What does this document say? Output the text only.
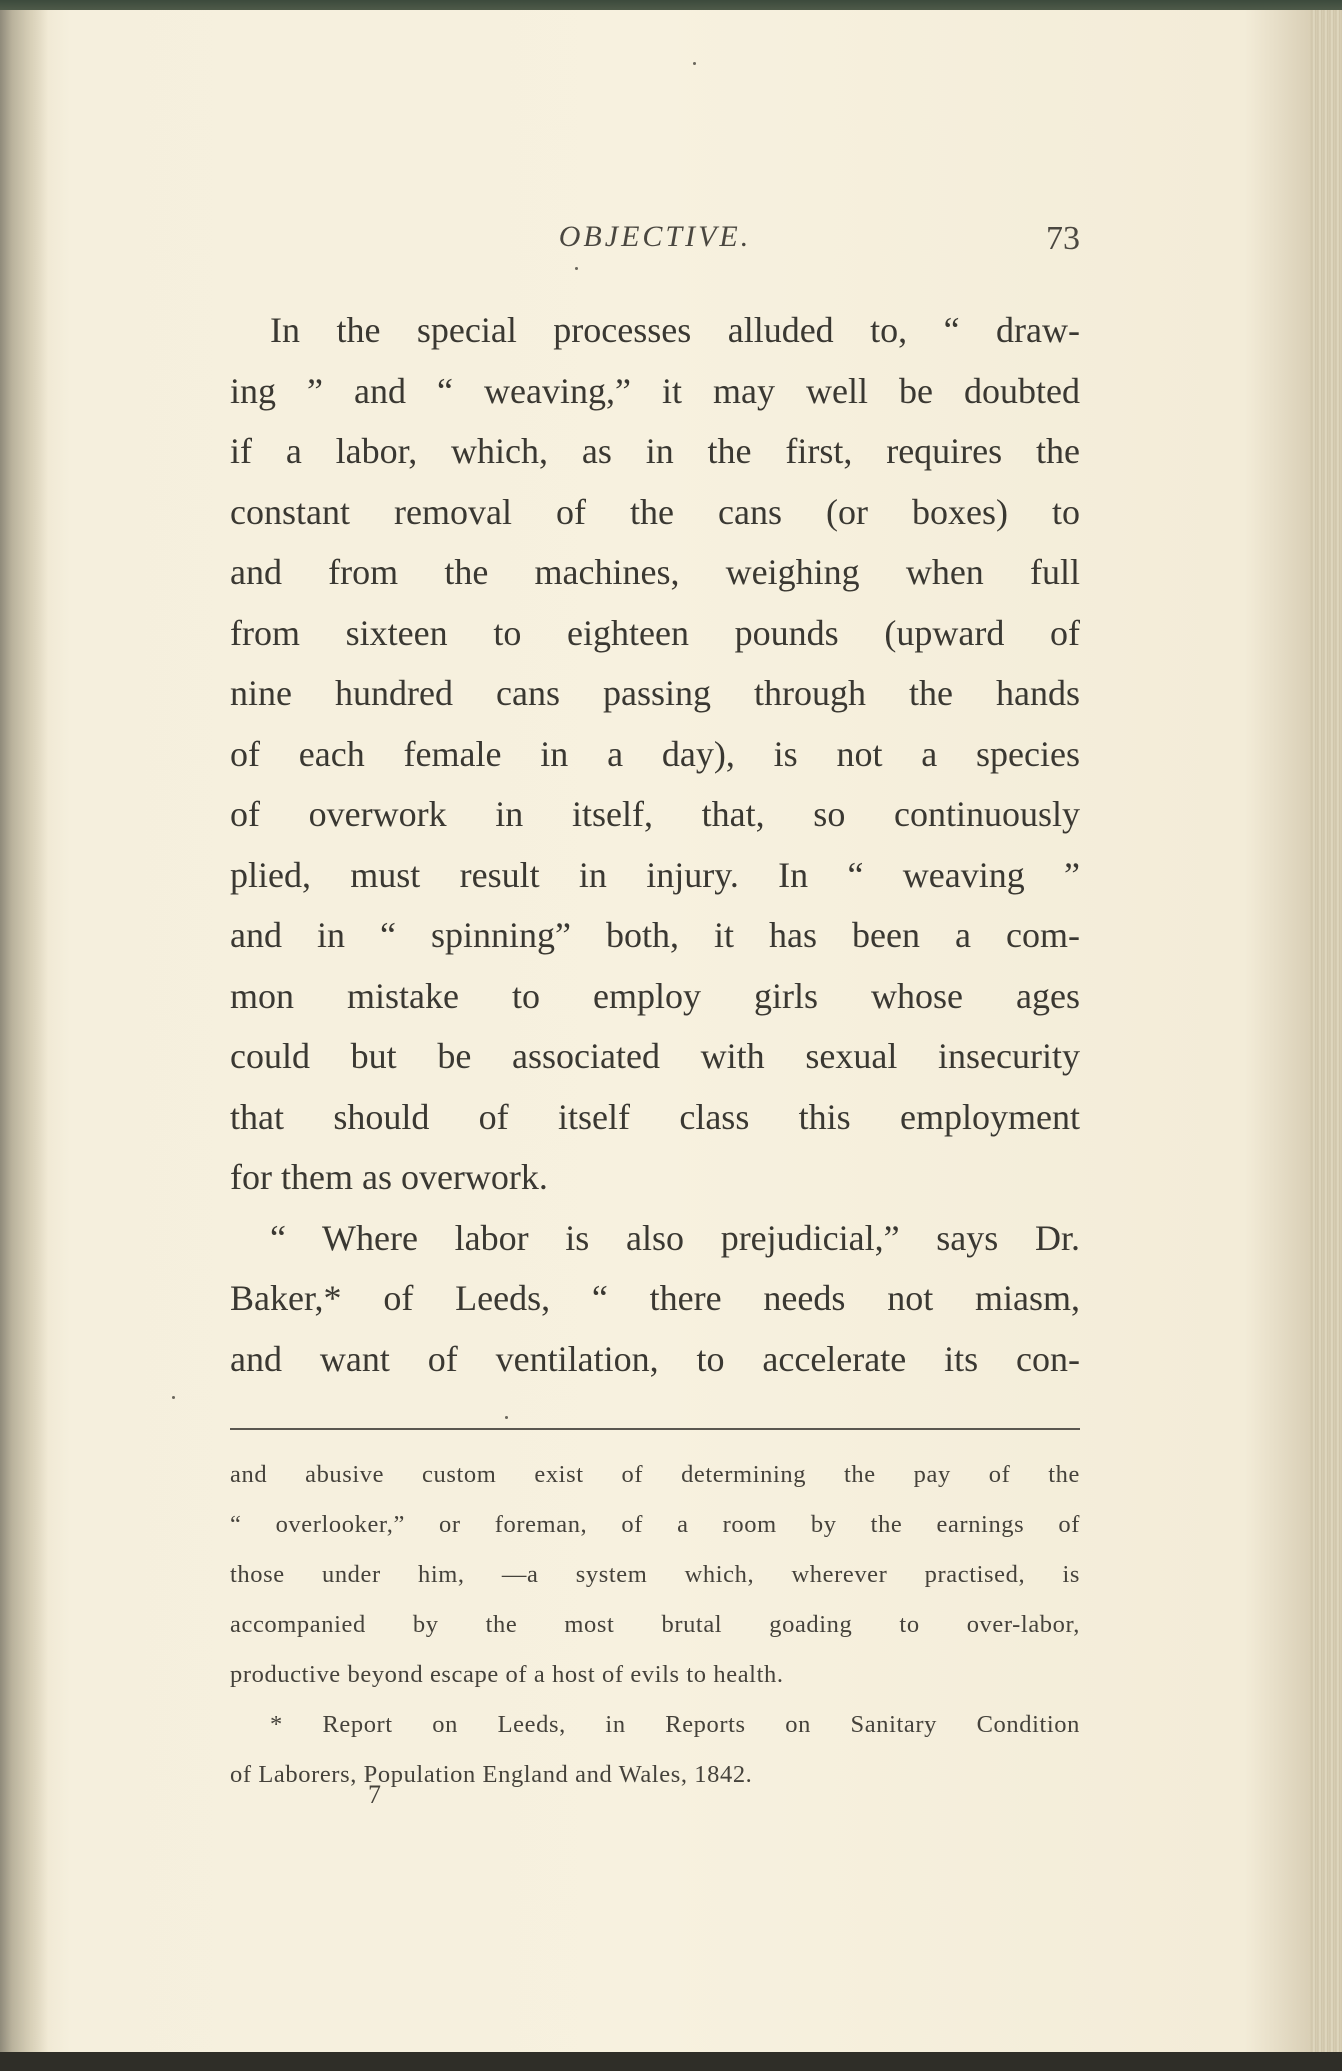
OBJECTIVE.	73
In the special processes alluded to, “ draw-
ing ” and “ weaving,” it may well be doubted
if a labor, which, as in the first, requires the
constant removal of the cans (or boxes) to
and from the machines, weighing when full
from sixteen to eighteen pounds (upward of
nine hundred cans passing through the hands
of each female in a day), is not a species
of overwork in itself, that, so continuously
plied, must result in injury. In “ weaving ”
and in “ spinning” both, it has been a com-
mon mistake to employ girls whose ages
could but be associated with sexual insecurity
that should of itself class this employment
for them as overwork.
“ Where labor is also prejudicial,” says Dr.
Baker,* of Leeds, “ there needs not miasm,
and want of ventilation, to accelerate its con-
and abusive custom exist of determining the pay of the
“ overlooker,” or foreman, of a room by the earnings of
those under him, —a system which, wherever practised, is
accompanied by the most brutal goading to over-labor,
productive beyond escape of a host of evils to health.
* Report on Leeds, in Reports on Sanitary Condition
of Laborers, Population England and Wales, 1842.
7
